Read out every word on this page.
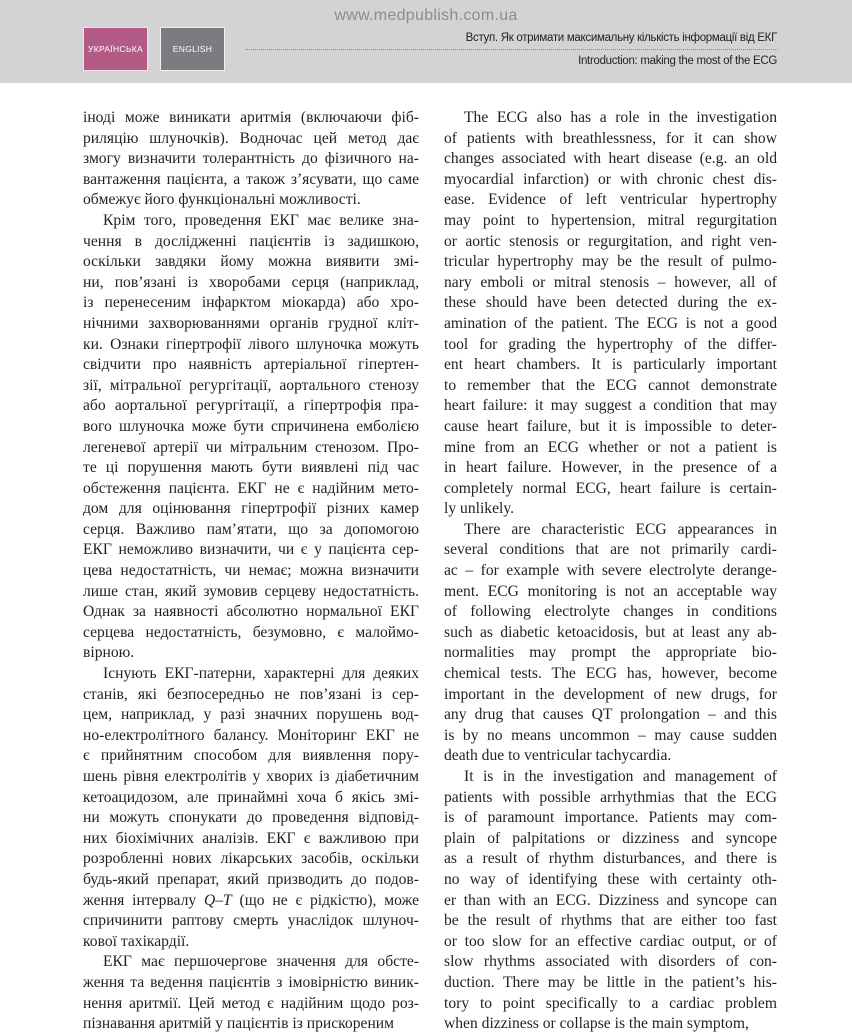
www.medpublish.com.ua
УКРАЇНСЬКА	ENGLISH
Вступ. Як отримати максимальну кількість інформації від ЕКГ
Introduction: making the most of the ECG
іноді може виникати аритмія (включаючи фіб-
риляцію шлуночків). Водночас цей метод дає
змогу визначити толерантність до фізичного на-
вантаження пацієнта, а також з’ясувати, що саме
обмежує його функціональні можливості.
Крім того, проведення ЕКГ має велике зна-
чення в дослідженні пацієнтів із задишкою,
оскільки завдяки йому можна виявити змі-
ни, пов’язані із хворобами серця (наприклад,
із перенесеним інфарктом міокарда) або хро-
нічними захворюваннями органів грудної кліт-
ки. Ознаки гіпертрофії лівого шлуночка можуть
свідчити про наявність артеріальної гіпертен-
зії, мітральної регургітації, аортального стенозу
або аортальної регургітації, а гіпертрофія пра-
вого шлуночка може бути спричинена емболією
легеневої артерії чи мітральним стенозом. Про-
те ці порушення мають бути виявлені під час
обстеження пацієнта. ЕКГ не є надійним мето-
дом для оцінювання гіпертрофії різних камер
серця. Важливо пам’ятати, що за допомогою
ЕКГ неможливо визначити, чи є у пацієнта сер-
цева недостатність, чи немає; можна визначити
лише стан, який зумовив серцеву недостатність.
Однак за наявності абсолютно нормальної ЕКГ
серцева недостатність, безумовно, є малоймо-
вірною.
Існують ЕКГ-патерни, характерні для деяких
станів, які безпосередньо не пов’язані із сер-
цем, наприклад, у разі значних порушень вод-
но-електролітного балансу. Моніторинг ЕКГ не
є прийнятним способом для виявлення пору-
шень рівня електролітів у хворих із діабетичним
кетоацидозом, але принаймні хоча б якісь змі-
ни можуть спонукати до проведення відповід-
них біохімічних аналізів. ЕКГ є важливою при
розробленні нових лікарських засобів, оскільки
будь-який препарат, який призводить до подов-
ження інтервалу Q–T (що не є рідкістю), може
спричинити раптову смерть унаслідок шлуноч-
кової тахікардії.
ЕКГ має першочергове значення для обсте-
ження та ведення пацієнтів з імовірністю виник-
нення аритмії. Цей метод є надійним щодо роз-
пізнавання аритмій у пацієнтів із прискореним
The ECG also has a role in the investigation
of patients with breathlessness, for it can show
changes associated with heart disease (e.g. an old
myocardial infarction) or with chronic chest dis-
ease. Evidence of left ventricular hypertrophy
may point to hypertension, mitral regurgitation
or aortic stenosis or regurgitation, and right ven-
tricular hypertrophy may be the result of pulmo-
nary emboli or mitral stenosis – however, all of
these should have been detected during the ex-
amination of the patient. The ECG is not a good
tool for grading the hypertrophy of the differ-
ent heart chambers. It is particularly important
to remember that the ECG cannot demonstrate
heart failure: it may suggest a condition that may
cause heart failure, but it is impossible to deter-
mine from an ECG whether or not a patient is
in heart failure. However, in the presence of a
completely normal ECG, heart failure is certain-
ly unlikely.
There are characteristic ECG appearances in
several conditions that are not primarily cardi-
ac – for example with severe electrolyte derange-
ment. ECG monitoring is not an acceptable way
of following electrolyte changes in conditions
such as diabetic ketoacidosis, but at least any ab-
normalities may prompt the appropriate bio-
chemical tests. The ECG has, however, become
important in the development of new drugs, for
any drug that causes QT prolongation – and this
is by no means uncommon – may cause sudden
death due to ventricular tachycardia.
It is in the investigation and management of
patients with possible arrhythmias that the ECG
is of paramount importance. Patients may com-
plain of palpitations or dizziness and syncope
as a result of rhythm disturbances, and there is
no way of identifying these with certainty oth-
er than with an ECG. Dizziness and syncope can
be the result of rhythms that are either too fast
or too slow for an effective cardiac output, or of
slow rhythms associated with disorders of con-
duction. There may be little in the patient’s his-
tory to point specifically to a cardiac problem
when dizziness or collapse is the main symptom,
